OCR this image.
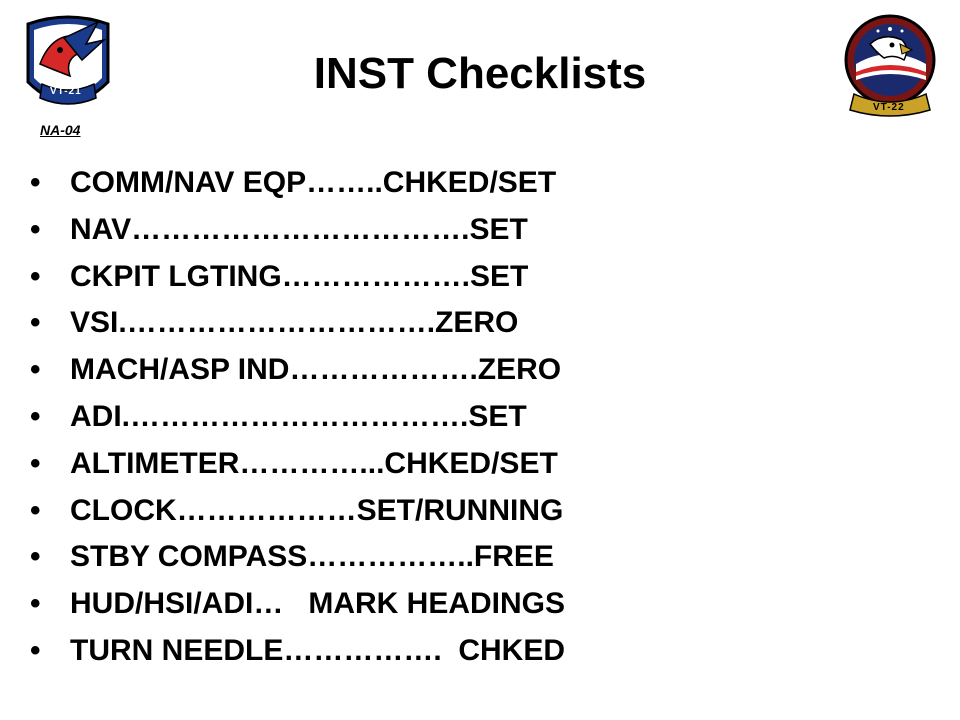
VT-21
VT-22
INST Checklists
NA-04
• COMM/NAV EQP……..CHKED/SET
• NAV…………………………….SET
• CKPIT LGTING……………….SET
• VSI.………………………….ZERO
• MACH/ASP IND……………….ZERO
• ADI.…………………………….SET
• ALTIMETER…………...CHKED/SET
• CLOCK………………SET/RUNNING
• STBY COMPASS……………..FREE
• HUD/HSI/ADI…   MARK HEADINGS
• TURN NEEDLE…………….  CHKED
